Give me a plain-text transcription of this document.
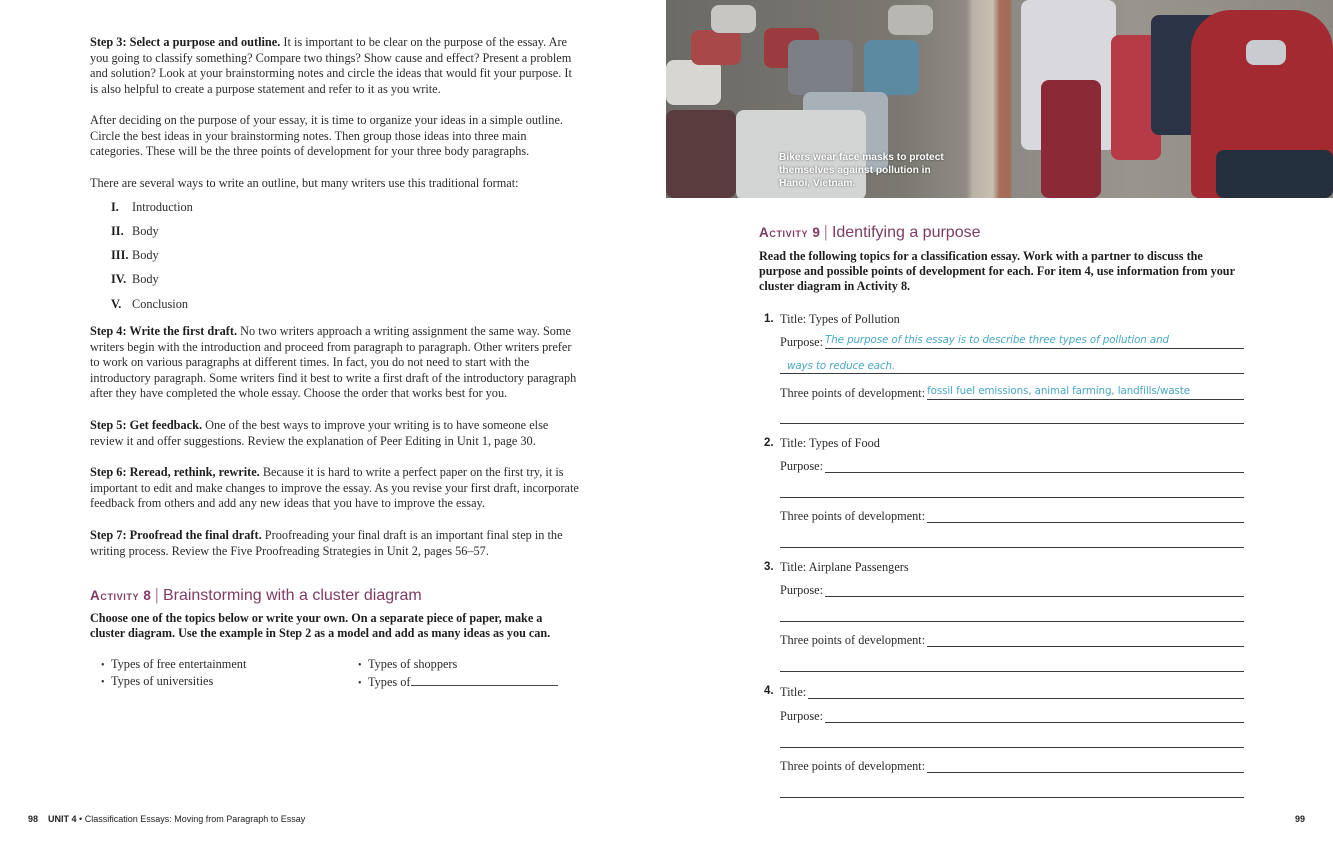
Step 3: Select a purpose and outline. It is important to be clear on the purpose of the essay. Are you going to classify something? Compare two things? Show cause and effect? Present a problem and solution? Look at your brainstorming notes and circle the ideas that would fit your purpose. It is also helpful to create a purpose statement and refer to it as you write.

After deciding on the purpose of your essay, it is time to organize your ideas in a simple outline. Circle the best ideas in your brainstorming notes. Then group those ideas into three main categories. These will be the three points of development for your three body paragraphs.

There are several ways to write an outline, but many writers use this traditional format:

I. Introduction
II. Body
III. Body
IV. Body
V. Conclusion

Step 4: Write the first draft. No two writers approach a writing assignment the same way. Some writers begin with the introduction and proceed from paragraph to paragraph. Other writers prefer to work on various paragraphs at different times. In fact, you do not need to start with the introductory paragraph. Some writers find it best to write a first draft of the introductory paragraph after they have completed the whole essay. Choose the order that works best for you.

Step 5: Get feedback. One of the best ways to improve your writing is to have someone else review it and offer suggestions. Review the explanation of Peer Editing in Unit 1, page 30.

Step 6: Reread, rethink, rewrite. Because it is hard to write a perfect paper on the first try, it is important to edit and make changes to improve the essay. As you revise your first draft, incorporate feedback from others and add any new ideas that you have to improve the essay.

Step 7: Proofread the final draft. Proofreading your final draft is an important final step in the writing process. Review the Five Proofreading Strategies in Unit 2, pages 56–57.

Activity 8 | Brainstorming with a cluster diagram

Choose one of the topics below or write your own. On a separate piece of paper, make a cluster diagram. Use the example in Step 2 as a model and add as many ideas as you can.

• Types of free entertainment
• Types of universities
• Types of shoppers
• Types of
98 UNIT 4 • Classification Essays: Moving from Paragraph to Essay
Bikers wear face masks to protect themselves against pollution in Hanoi, Vietnam.
Activity 9 | Identifying a purpose

Read the following topics for a classification essay. Work with a partner to discuss the purpose and possible points of development for each. For item 4, use information from your cluster diagram in Activity 8.

1. Title: Types of Pollution
Purpose: The purpose of this essay is to describe three types of pollution and
ways to reduce each.
Three points of development: fossil fuel emissions, animal farming, landfills/waste
2. Title: Types of Food
Purpose:
Three points of development:
3. Title: Airplane Passengers
Purpose:
Three points of development:
4. Title:
Purpose:
Three points of development:
99
